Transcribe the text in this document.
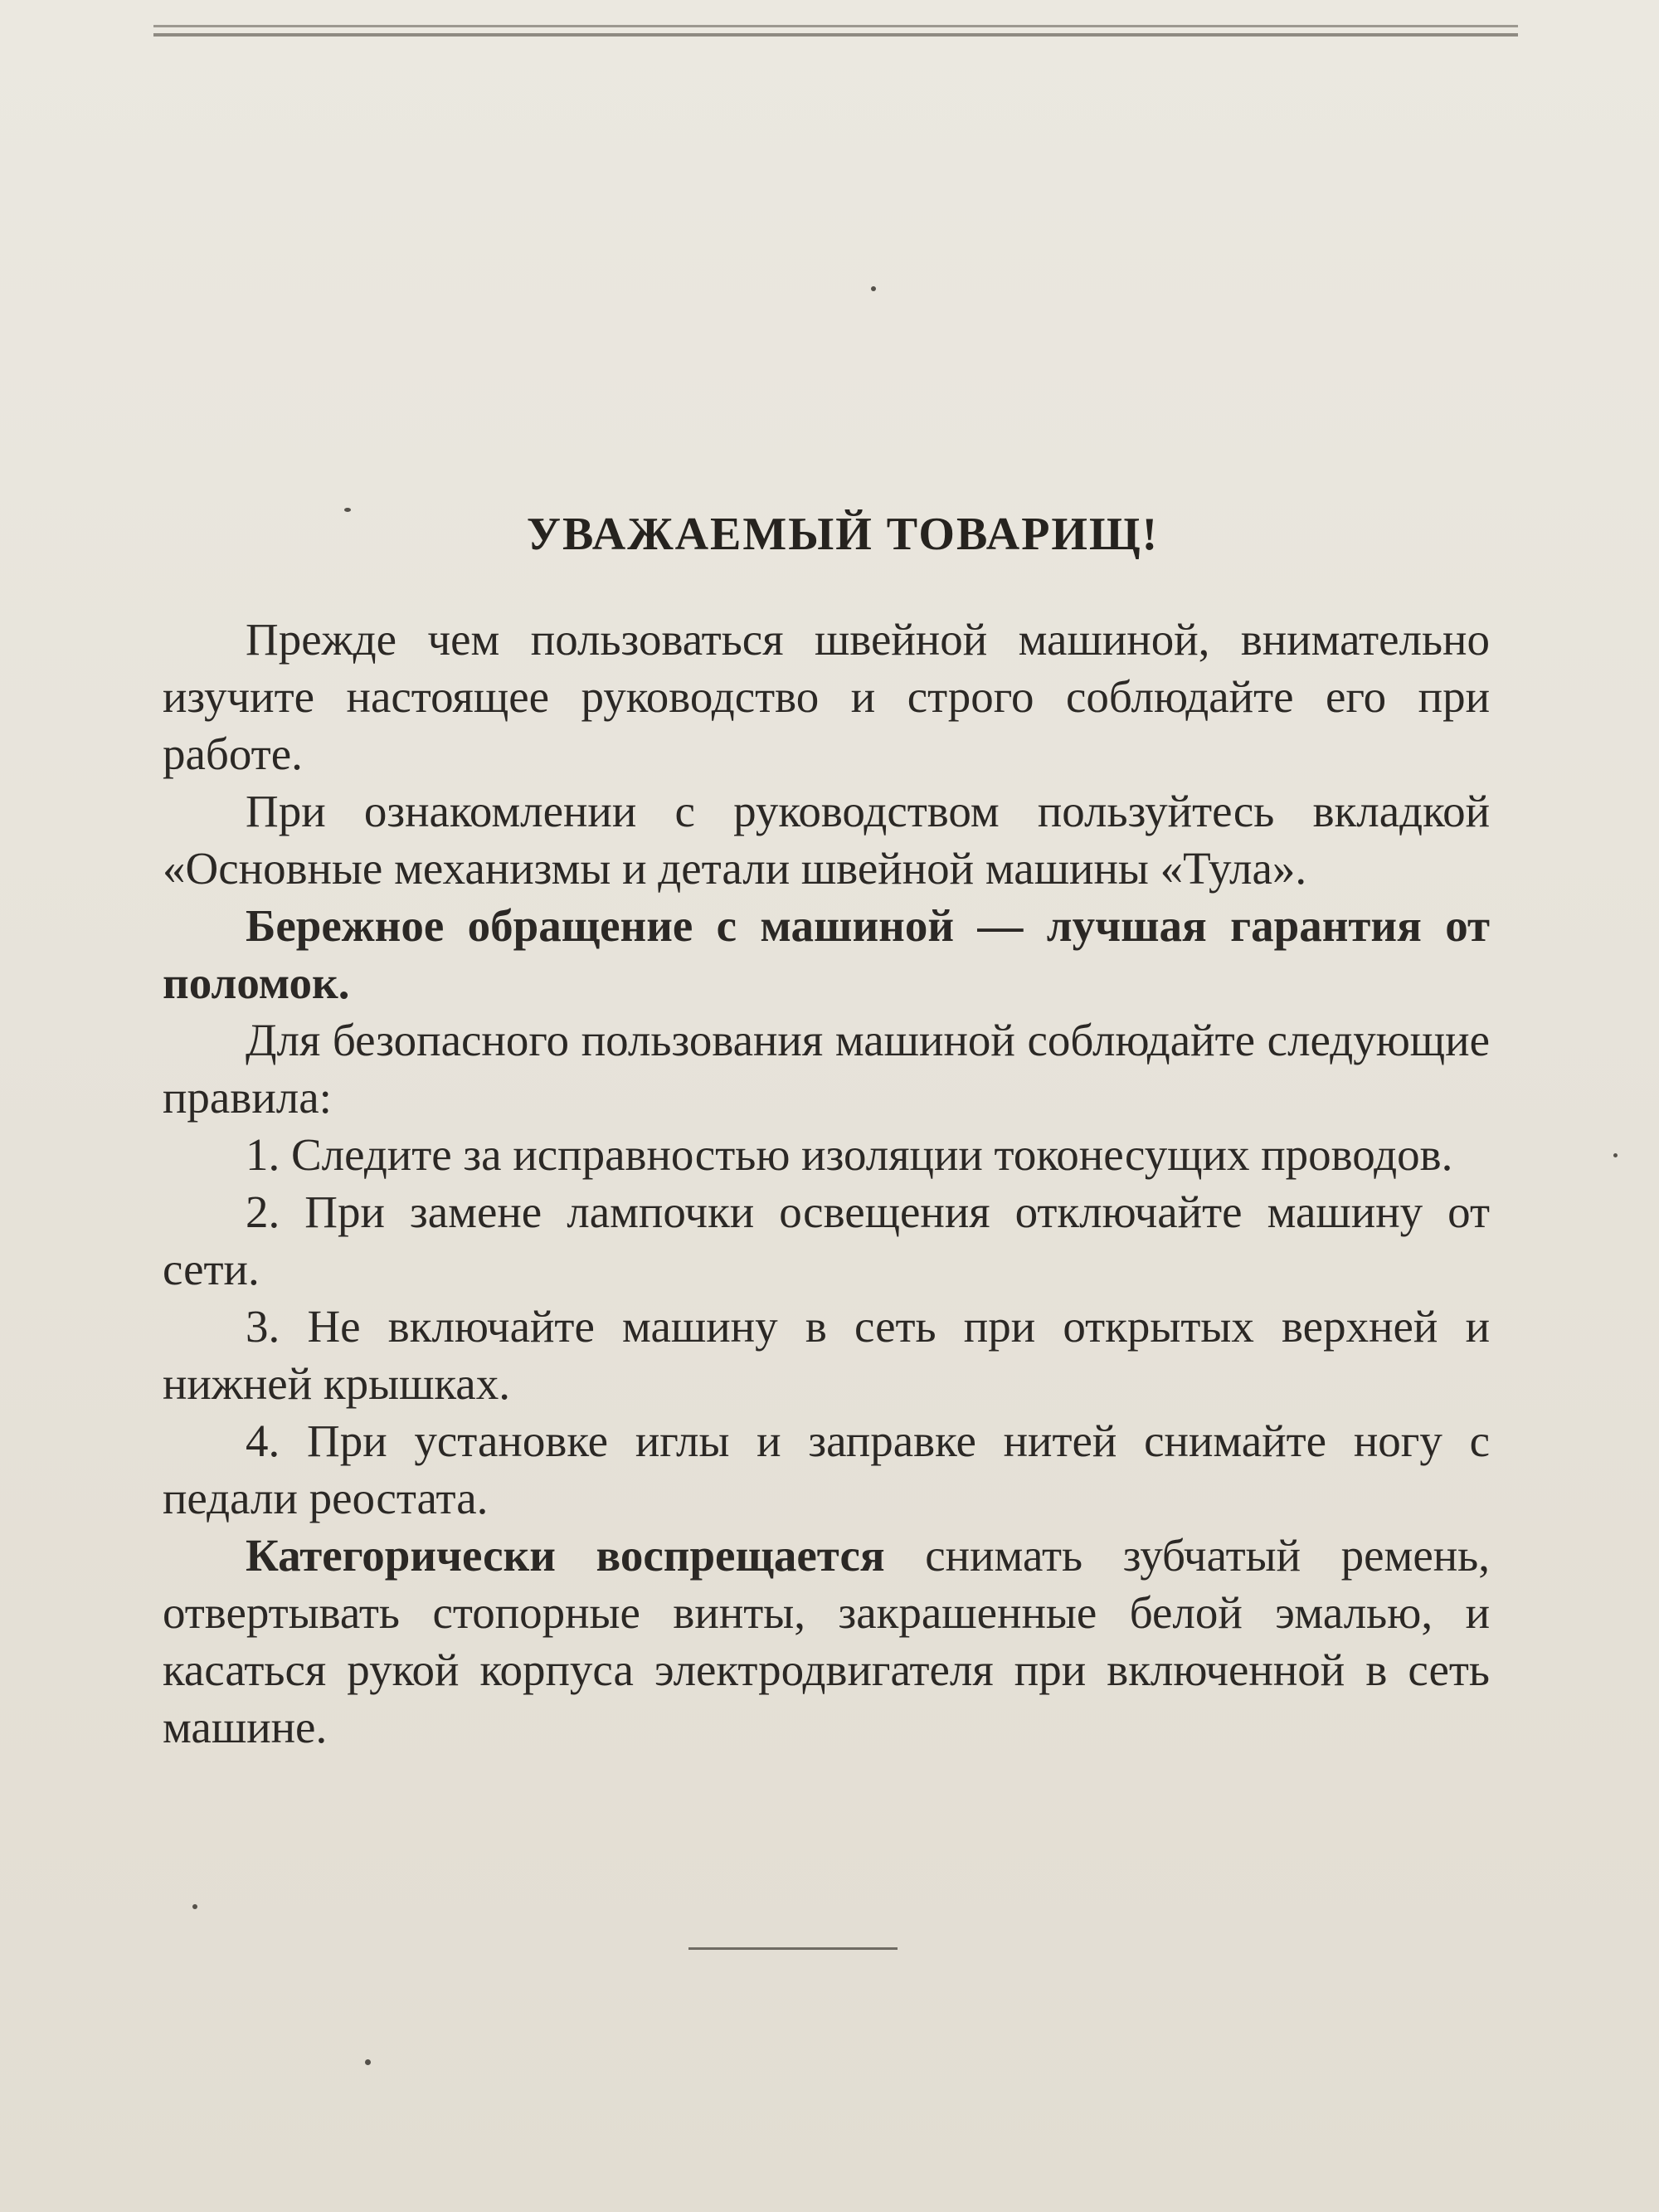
УВАЖАЕМЫЙ ТОВАРИЩ!

Прежде чем пользоваться швейной машиной, внимательно изучите настоящее руководство и строго соблюдайте его при работе.

При ознакомлении с руководством пользуйтесь вкладкой «Основные механизмы и детали швейной машины «Тула».

Бережное обращение с машиной — лучшая гарантия от поломок.

Для безопасного пользования машиной соблюдайте следующие правила:

1. Следите за исправностью изоляции токонесущих проводов.

2. При замене лампочки освещения отключайте машину от сети.

3. Не включайте машину в сеть при открытых верхней и нижней крышках.

4. При установке иглы и заправке нитей снимайте ногу с педали реостата.

Категорически воспрещается снимать зубчатый ремень, отвертывать стопорные винты, закрашенные белой эмалью, и касаться рукой корпуса электродвигателя при включенной в сеть машине.
